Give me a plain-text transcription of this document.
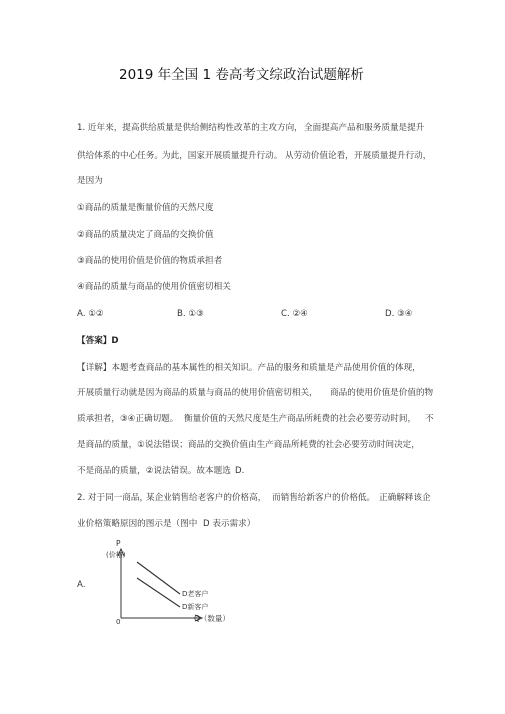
2019 年全国 1 卷高考文综政治试题解析
1. 近年来，提高供给质量是供给侧结构性改革的主攻方向， 全面提高产品和服务质量是提升
供给体系的中心任务。 为此，国家开展质量提升行动。 从劳动价值论看， 开展质量提升行动，
是因为
①商品的质量是衡量价值的天然尺度
②商品的质量决定了商品的交换价值
③商品的使用价值是价值的物质承担者
④商品的质量与商品的使用价值密切相关
A. ①②	B. ①③	C. ②④	D. ③④
【答案】D
【详解】本题考查商品的基本属性的相关知识。产品的服务和质量是产品使用价值的体现，
开展质量行动就是因为商品的质量与商品的使用价值密切相关， 商品的使用价值是价值的物
质承担者，③④正确切题。 衡量价值的天然尺度是生产商品所耗费的社会必要劳动时间， 不
是商品的质量，①说法错误；商品的交换价值由生产商品所耗费的社会必要劳动时间决定，
不是商品的质量，②说法错误。故本题选 D.
2. 对于同一商品，
某企业销售给老客户的价格高， 而销售给新客户的价格低。 正确解释该企
业价格策略原因的图示是（图中 D 表示需求）
A.
P
(价格)
Q（数量）
0
D老客户
D新客户
